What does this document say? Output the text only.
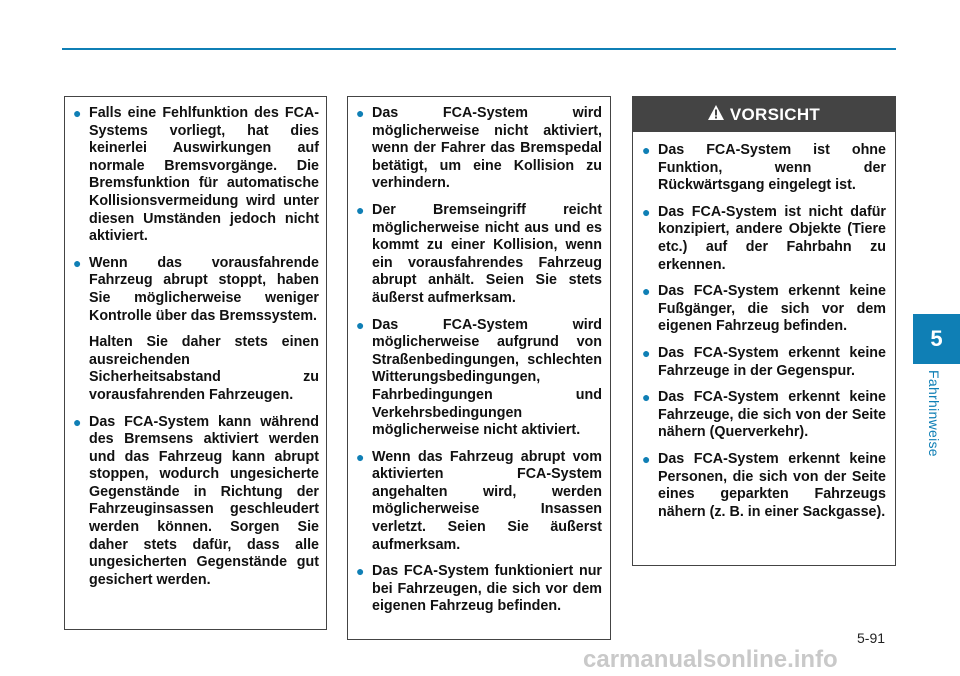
5
Fahrhinweise
● Falls eine Fehlfunktion des FCA-Systems vorliegt, hat dies keinerlei Auswirkungen auf normale Bremsvorgänge. Die Bremsfunktion für automatische Kollisionsvermeidung wird unter diesen Umständen jedoch nicht aktiviert.

● Wenn das vorausfahrende Fahrzeug abrupt stoppt, haben Sie möglicherweise weniger Kontrolle über das Bremssystem.

Halten Sie daher stets einen ausreichenden Sicherheitsabstand zu vorausfahrenden Fahrzeugen.

● Das FCA-System kann während des Bremsens aktiviert werden und das Fahrzeug kann abrupt stoppen, wodurch ungesicherte Gegenstände in Richtung der Fahrzeuginsassen geschleudert werden können. Sorgen Sie daher stets dafür, dass alle ungesicherten Gegenstände gut gesichert werden.

● Das FCA-System wird möglicherweise nicht aktiviert, wenn der Fahrer das Bremspedal betätigt, um eine Kollision zu verhindern.

● Der Bremseingriff reicht möglicherweise nicht aus und es kommt zu einer Kollision, wenn ein vorausfahrendes Fahrzeug abrupt anhält. Seien Sie stets äußerst aufmerksam.

● Das FCA-System wird möglicherweise aufgrund von Straßenbedingungen, schlechten Witterungsbedingungen, Fahrbedingungen und Verkehrsbedingungen möglicherweise nicht aktiviert.

● Wenn das Fahrzeug abrupt vom aktivierten FCA-System angehalten wird, werden möglicherweise Insassen verletzt. Seien Sie äußerst aufmerksam.

● Das FCA-System funktioniert nur bei Fahrzeugen, die sich vor dem eigenen Fahrzeug befinden.

VORSICHT
● Das FCA-System ist ohne Funktion, wenn der Rückwärtsgang eingelegt ist.

● Das FCA-System ist nicht dafür konzipiert, andere Objekte (Tiere etc.) auf der Fahrbahn zu erkennen.

● Das FCA-System erkennt keine Fußgänger, die sich vor dem eigenen Fahrzeug befinden.

● Das FCA-System erkennt keine Fahrzeuge in der Gegenspur.

● Das FCA-System erkennt keine Fahrzeuge, die sich von der Seite nähern (Querverkehr).

● Das FCA-System erkennt keine Personen, die sich von der Seite eines geparkten Fahrzeugs nähern (z. B. in einer Sackgasse).

5-91
carmanualsonline.info
